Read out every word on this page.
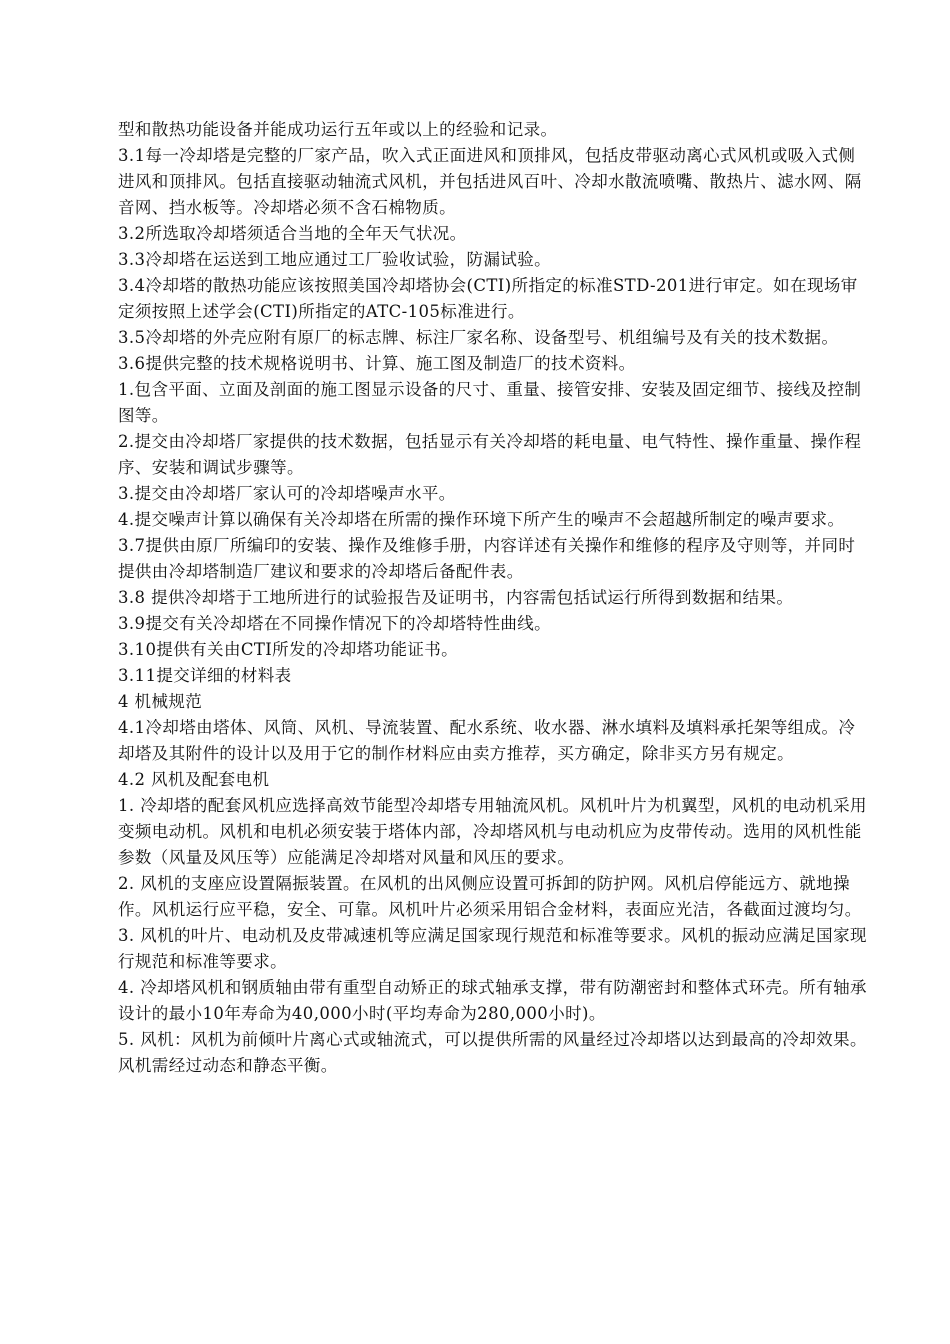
型和散热功能设备并能成功运行五年或以上的经验和记录。

3.1每一冷却塔是完整的厂家产品，吹入式正面进风和顶排风，包括皮带驱动离心式风机或吸入式侧进风和顶排风。包括直接驱动轴流式风机，并包括进风百叶、冷却水散流喷嘴、散热片、滤水网、隔音网、挡水板等。冷却塔必须不含石棉物质。

3.2所选取冷却塔须适合当地的全年天气状况。

3.3冷却塔在运送到工地应通过工厂验收试验，防漏试验。

3.4冷却塔的散热功能应该按照美国冷却塔协会(CTI)所指定的标准STD-201进行审定。如在现场审定须按照上述学会(CTI)所指定的ATC-105标准进行。

3.5冷却塔的外壳应附有原厂的标志牌、标注厂家名称、设备型号、机组编号及有关的技术数据。

3.6提供完整的技术规格说明书、计算、施工图及制造厂的技术资料。

1.包含平面、立面及剖面的施工图显示设备的尺寸、重量、接管安排、安装及固定细节、接线及控制图等。

2.提交由冷却塔厂家提供的技术数据，包括显示有关冷却塔的耗电量、电气特性、操作重量、操作程序、安装和调试步骤等。

3.提交由冷却塔厂家认可的冷却塔噪声水平。

4.提交噪声计算以确保有关冷却塔在所需的操作环境下所产生的噪声不会超越所制定的噪声要求。

3.7提供由原厂所编印的安装、操作及维修手册，内容详述有关操作和维修的程序及守则等，并同时提供由冷却塔制造厂建议和要求的冷却塔后备配件表。

3.8 提供冷却塔于工地所进行的试验报告及证明书，内容需包括试运行所得到数据和结果。

3.9提交有关冷却塔在不同操作情况下的冷却塔特性曲线。

3.10提供有关由CTI所发的冷却塔功能证书。

3.11提交详细的材料表

4 机械规范

4.1冷却塔由塔体、风筒、风机、导流装置、配水系统、收水器、淋水填料及填料承托架等组成。冷却塔及其附件的设计以及用于它的制作材料应由卖方推荐，买方确定，除非买方另有规定。

4.2 风机及配套电机

1. 冷却塔的配套风机应选择高效节能型冷却塔专用轴流风机。风机叶片为机翼型，风机的电动机采用变频电动机。风机和电机必须安装于塔体内部，冷却塔风机与电动机应为皮带传动。选用的风机性能参数（风量及风压等）应能满足冷却塔对风量和风压的要求。

2. 风机的支座应设置隔振装置。在风机的出风侧应设置可拆卸的防护网。风机启停能远方、就地操作。风机运行应平稳，安全、可靠。风机叶片必须采用铝合金材料，表面应光洁，各截面过渡均匀。

3. 风机的叶片、电动机及皮带减速机等应满足国家现行规范和标准等要求。风机的振动应满足国家现行规范和标准等要求。

4. 冷却塔风机和钢质轴由带有重型自动矫正的球式轴承支撑，带有防潮密封和整体式环壳。所有轴承设计的最小10年寿命为40,000小时(平均寿命为280,000小时)。

5. 风机：风机为前倾叶片离心式或轴流式，可以提供所需的风量经过冷却塔以达到最高的冷却效果。风机需经过动态和静态平衡。
